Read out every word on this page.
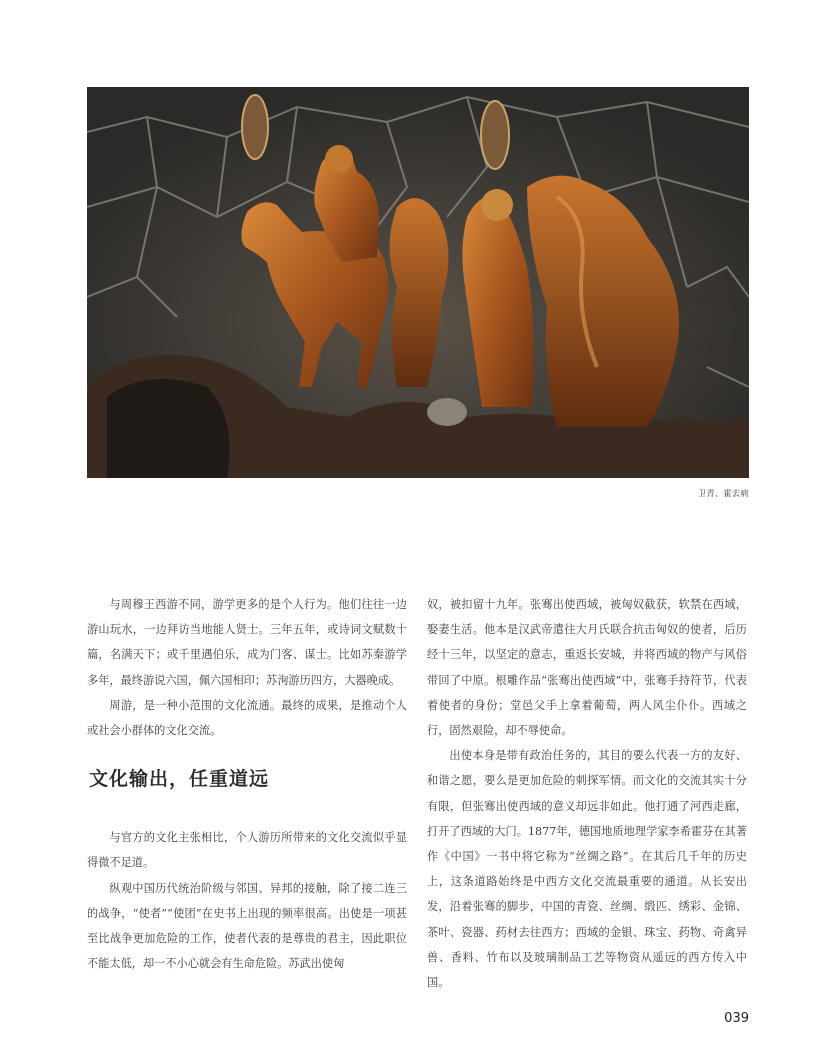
卫青、霍去病

与周穆王西游不同，游学更多的是个人行为。他们往往一边游山玩水，一边拜访当地能人贤士。三年五年，或诗词文赋数十篇，名满天下；或千里遇伯乐，成为门客、谋士。比如苏秦游学多年，最终游说六国，佩六国相印；苏洵游历四方，大器晚成。

周游，是一种小范围的文化流通。最终的成果，是推动个人或社会小群体的文化交流。

文化输出，任重道远

与官方的文化主张相比，个人游历所带来的文化交流似乎显得微不足道。

纵观中国历代统治阶级与邻国、异邦的接触，除了接二连三的战争，“使者”“使团”在史书上出现的频率很高。出使是一项甚至比战争更加危险的工作，使者代表的是尊贵的君主，因此职位不能太低，却一不小心就会有生命危险。苏武出使匈

奴，被扣留十九年。张骞出使西域，被匈奴截获，软禁在西域，娶妻生活。他本是汉武帝遣往大月氏联合抗击匈奴的使者，后历经十三年，以坚定的意志，重返长安城，并将西域的物产与风俗带回了中原。根雕作品“张骞出使西域”中，张骞手持符节，代表着使者的身份；堂邑父手上拿着葡萄，两人风尘仆仆。西域之行，固然艰险，却不辱使命。

出使本身是带有政治任务的，其目的要么代表一方的友好、和谐之愿，要么是更加危险的刺探军情。而文化的交流其实十分有限，但张骞出使西域的意义却远非如此。他打通了河西走廊，打开了西域的大门。1877年，德国地质地理学家李希霍芬在其著作《中国》一书中将它称为“丝绸之路”。在其后几千年的历史上，这条道路始终是中西方文化交流最重要的通道。从长安出发，沿着张骞的脚步，中国的青瓷、丝绸、缎匹、绣彩、金锦、茶叶、瓷器、药材去往西方；西域的金银、珠宝、药物、奇禽异兽、香料、竹布以及玻璃制品工艺等物资从遥远的西方传入中国。

039
